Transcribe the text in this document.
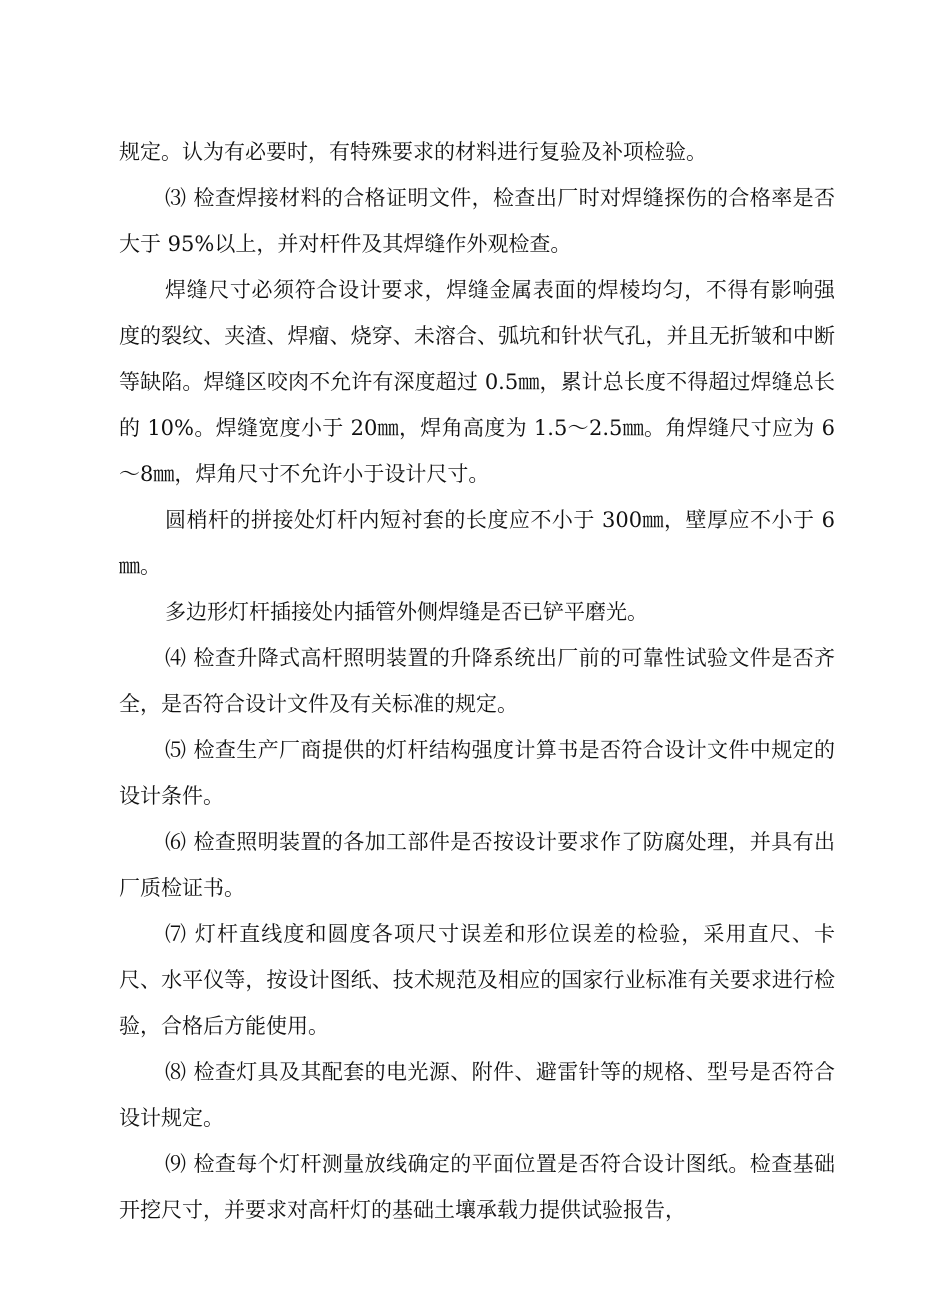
规定。认为有必要时，有特殊要求的材料进行复验及补项检验。

⑶ 检查焊接材料的合格证明文件，检查出厂时对焊缝探伤的合格率是否大于 95%以上，并对杆件及其焊缝作外观检查。

焊缝尺寸必须符合设计要求，焊缝金属表面的焊棱均匀，不得有影响强度的裂纹、夹渣、焊瘤、烧穿、未溶合、弧坑和针状气孔，并且无折皱和中断等缺陷。焊缝区咬肉不允许有深度超过 0.5㎜，累计总长度不得超过焊缝总长的 10%。焊缝宽度小于 20㎜，焊角高度为 1.5～2.5㎜。角焊缝尺寸应为 6～8㎜，焊角尺寸不允许小于设计尺寸。

圆梢杆的拼接处灯杆内短衬套的长度应不小于 300㎜，壁厚应不小于 6㎜。

多边形灯杆插接处内插管外侧焊缝是否已铲平磨光。

⑷ 检查升降式高杆照明装置的升降系统出厂前的可靠性试验文件是否齐全，是否符合设计文件及有关标准的规定。

⑸ 检查生产厂商提供的灯杆结构强度计算书是否符合设计文件中规定的设计条件。

⑹ 检查照明装置的各加工部件是否按设计要求作了防腐处理，并具有出厂质检证书。

⑺ 灯杆直线度和圆度各项尺寸误差和形位误差的检验，采用直尺、卡尺、水平仪等，按设计图纸、技术规范及相应的国家行业标准有关要求进行检验，合格后方能使用。

⑻ 检查灯具及其配套的电光源、附件、避雷针等的规格、型号是否符合设计规定。

⑼ 检查每个灯杆测量放线确定的平面位置是否符合设计图纸。检查基础开挖尺寸，并要求对高杆灯的基础土壤承载力提供试验报告，
